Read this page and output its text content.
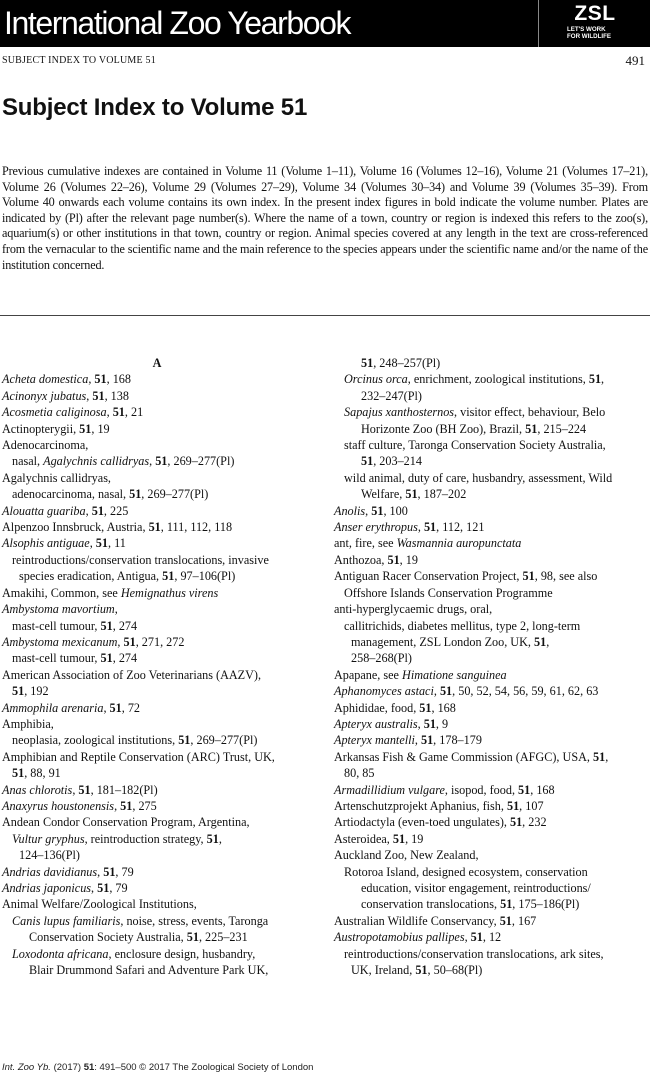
International Zoo Yearbook	ZSL
LET'S WORK
FOR WILDLIFE
SUBJECT INDEX TO VOLUME 51	491
Subject Index to Volume 51

Previous cumulative indexes are contained in Volume 11 (Volume 1–11), Volume 16 (Volumes 12–16), Volume 21 (Volumes 17–21), Volume 26 (Volumes 22–26), Volume 29 (Volumes 27–29), Volume 34 (Volumes 30–34) and Volume 39 (Volumes 35–39). From Volume 40 onwards each volume contains its own index. In the present index figures in bold indicate the volume number. Plates are indicated by (Pl) after the relevant page number(s). Where the name of a town, country or region is indexed this refers to the zoo(s), aquarium(s) or other institutions in that town, country or region. Animal species covered at any length in the text are cross-referenced from the vernacular to the scientific name and the main reference to the species appears under the scientific name and/or the name of the institution concerned.

A
Acheta domestica, 51, 168
Acinonyx jubatus, 51, 138
Acosmetia caliginosa, 51, 21
Actinopterygii, 51, 19
Adenocarcinoma,
nasal, Agalychnis callidryas, 51, 269–277(Pl)
Agalychnis callidryas,
adenocarcinoma, nasal, 51, 269–277(Pl)
Alouatta guariba, 51, 225
Alpenzoo Innsbruck, Austria, 51, 111, 112, 118
Alsophis antiguae, 51, 11
reintroductions/conservation translocations, invasive
species eradication, Antigua, 51, 97–106(Pl)
Amakihi, Common, see Hemignathus virens
Ambystoma mavortium,
mast-cell tumour, 51, 274
Ambystoma mexicanum, 51, 271, 272
mast-cell tumour, 51, 274
American Association of Zoo Veterinarians (AAZV),
51, 192
Ammophila arenaria, 51, 72
Amphibia,
neoplasia, zoological institutions, 51, 269–277(Pl)
Amphibian and Reptile Conservation (ARC) Trust, UK,
51, 88, 91
Anas chlorotis, 51, 181–182(Pl)
Anaxyrus houstonensis, 51, 275
Andean Condor Conservation Program, Argentina,
Vultur gryphus, reintroduction strategy, 51,
124–136(Pl)
Andrias davidianus, 51, 79
Andrias japonicus, 51, 79
Animal Welfare/Zoological Institutions,
Canis lupus familiaris, noise, stress, events, Taronga
Conservation Society Australia, 51, 225–231
Loxodonta africana, enclosure design, husbandry,
Blair Drummond Safari and Adventure Park UK,
51, 248–257(Pl)
Orcinus orca, enrichment, zoological institutions, 51,
232–247(Pl)
Sapajus xanthosternos, visitor effect, behaviour, Belo
Horizonte Zoo (BH Zoo), Brazil, 51, 215–224
staff culture, Taronga Conservation Society Australia,
51, 203–214
wild animal, duty of care, husbandry, assessment, Wild
Welfare, 51, 187–202
Anolis, 51, 100
Anser erythropus, 51, 112, 121
ant, fire, see Wasmannia auropunctata
Anthozoa, 51, 19
Antiguan Racer Conservation Project, 51, 98, see also
Offshore Islands Conservation Programme
anti-hyperglycaemic drugs, oral,
callitrichids, diabetes mellitus, type 2, long-term
management, ZSL London Zoo, UK, 51,
258–268(Pl)
Apapane, see Himatione sanguinea
Aphanomyces astaci, 51, 50, 52, 54, 56, 59, 61, 62, 63
Aphididae, food, 51, 168
Apteryx australis, 51, 9
Apteryx mantelli, 51, 178–179
Arkansas Fish & Game Commission (AFGC), USA, 51,
80, 85
Armadillidium vulgare, isopod, food, 51, 168
Artenschutzprojekt Aphanius, fish, 51, 107
Artiodactyla (even-toed ungulates), 51, 232
Asteroidea, 51, 19
Auckland Zoo, New Zealand,
Rotoroa Island, designed ecosystem, conservation
education, visitor engagement, reintroductions/
conservation translocations, 51, 175–186(Pl)
Australian Wildlife Conservancy, 51, 167
Austropotamobius pallipes, 51, 12
reintroductions/conservation translocations, ark sites,
UK, Ireland, 51, 50–68(Pl)
Int. Zoo Yb. (2017) 51: 491–500 © 2017 The Zoological Society of London
